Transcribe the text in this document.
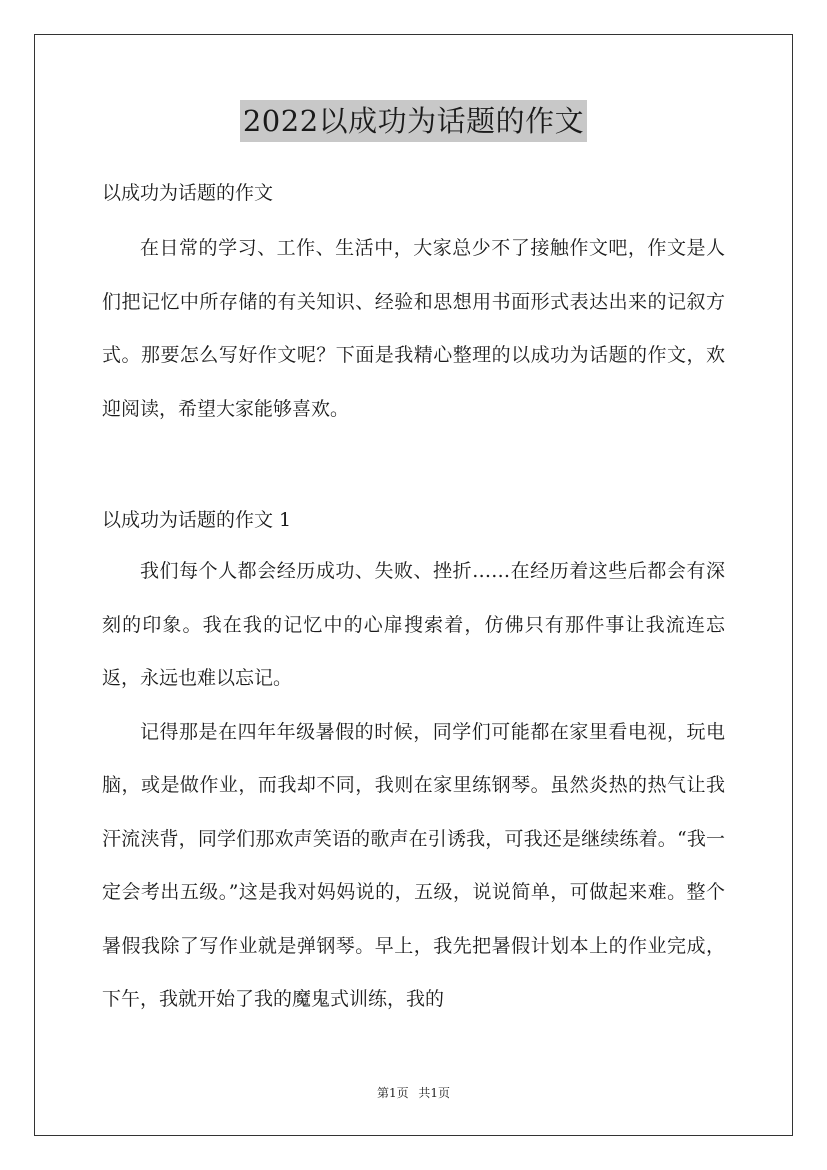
2022以成功为话题的作文
以成功为话题的作文

在日常的学习、工作、生活中，大家总少不了接触作文吧，作文是人们把记忆中所存储的有关知识、经验和思想用书面形式表达出来的记叙方式。那要怎么写好作文呢？下面是我精心整理的以成功为话题的作文，欢迎阅读，希望大家能够喜欢。

以成功为话题的作文 1

我们每个人都会经历成功、失败、挫折……在经历着这些后都会有深刻的印象。我在我的记忆中的心扉搜索着，仿佛只有那件事让我流连忘返，永远也难以忘记。

记得那是在四年年级暑假的时候，同学们可能都在家里看电视，玩电脑，或是做作业，而我却不同，我则在家里练钢琴。虽然炎热的热气让我汗流浃背，同学们那欢声笑语的歌声在引诱我，可我还是继续练着。“我一定会考出五级。”这是我对妈妈说的，五级，说说简单，可做起来难。整个暑假我除了写作业就是弹钢琴。早上，我先把暑假计划本上的作业完成，下午，我就开始了我的魔鬼式训练，我的

第1页 共1页
